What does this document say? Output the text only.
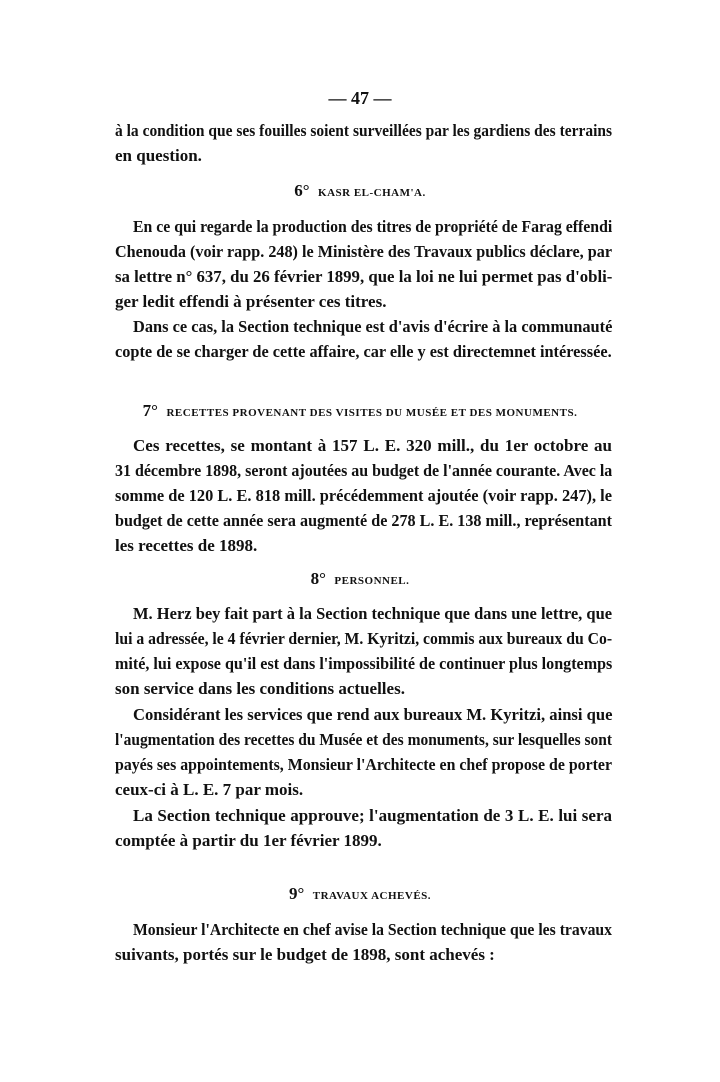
— 47 —
à la condition que ses fouilles soient surveillées par les gardiens des terrains
en question.
6° KASR EL-CHAM'A.
En ce qui regarde la production des titres de propriété de Farag effendi
Chenouda (voir rapp. 248) le Ministère des Travaux publics déclare, par
sa lettre n° 637, du 26 février 1899, que la loi ne lui permet pas d'obli-
ger ledit effendi à présenter ces titres.
Dans ce cas, la Section technique est d'avis d'écrire à la communauté
copte de se charger de cette affaire, car elle y est directemnet intéressée.
7° RECETTES PROVENANT DES VISITES DU MUSÉE ET DES MONUMENTS.
Ces recettes, se montant à 157 L. E. 320 mill., du 1er octobre au
31 décembre 1898, seront ajoutées au budget de l'année courante. Avec la
somme de 120 L. E. 818 mill. précédemment ajoutée (voir rapp. 247), le
budget de cette année sera augmenté de 278 L. E. 138 mill., représentant
les recettes de 1898.
8° PERSONNEL.
M. Herz bey fait part à la Section technique que dans une lettre, que
lui a adressée, le 4 février dernier, M. Kyritzi, commis aux bureaux du Co-
mité, lui expose qu'il est dans l'impossibilité de continuer plus longtemps
son service dans les conditions actuelles.
Considérant les services que rend aux bureaux M. Kyritzi, ainsi que
l'augmentation des recettes du Musée et des monuments, sur lesquelles sont
payés ses appointements, Monsieur l'Architecte en chef propose de porter
ceux-ci à L. E. 7 par mois.
La Section technique approuve; l'augmentation de 3 L. E. lui sera
comptée à partir du 1er février 1899.
9° TRAVAUX ACHEVÉS.
Monsieur l'Architecte en chef avise la Section technique que les travaux
suivants, portés sur le budget de 1898, sont achevés :
